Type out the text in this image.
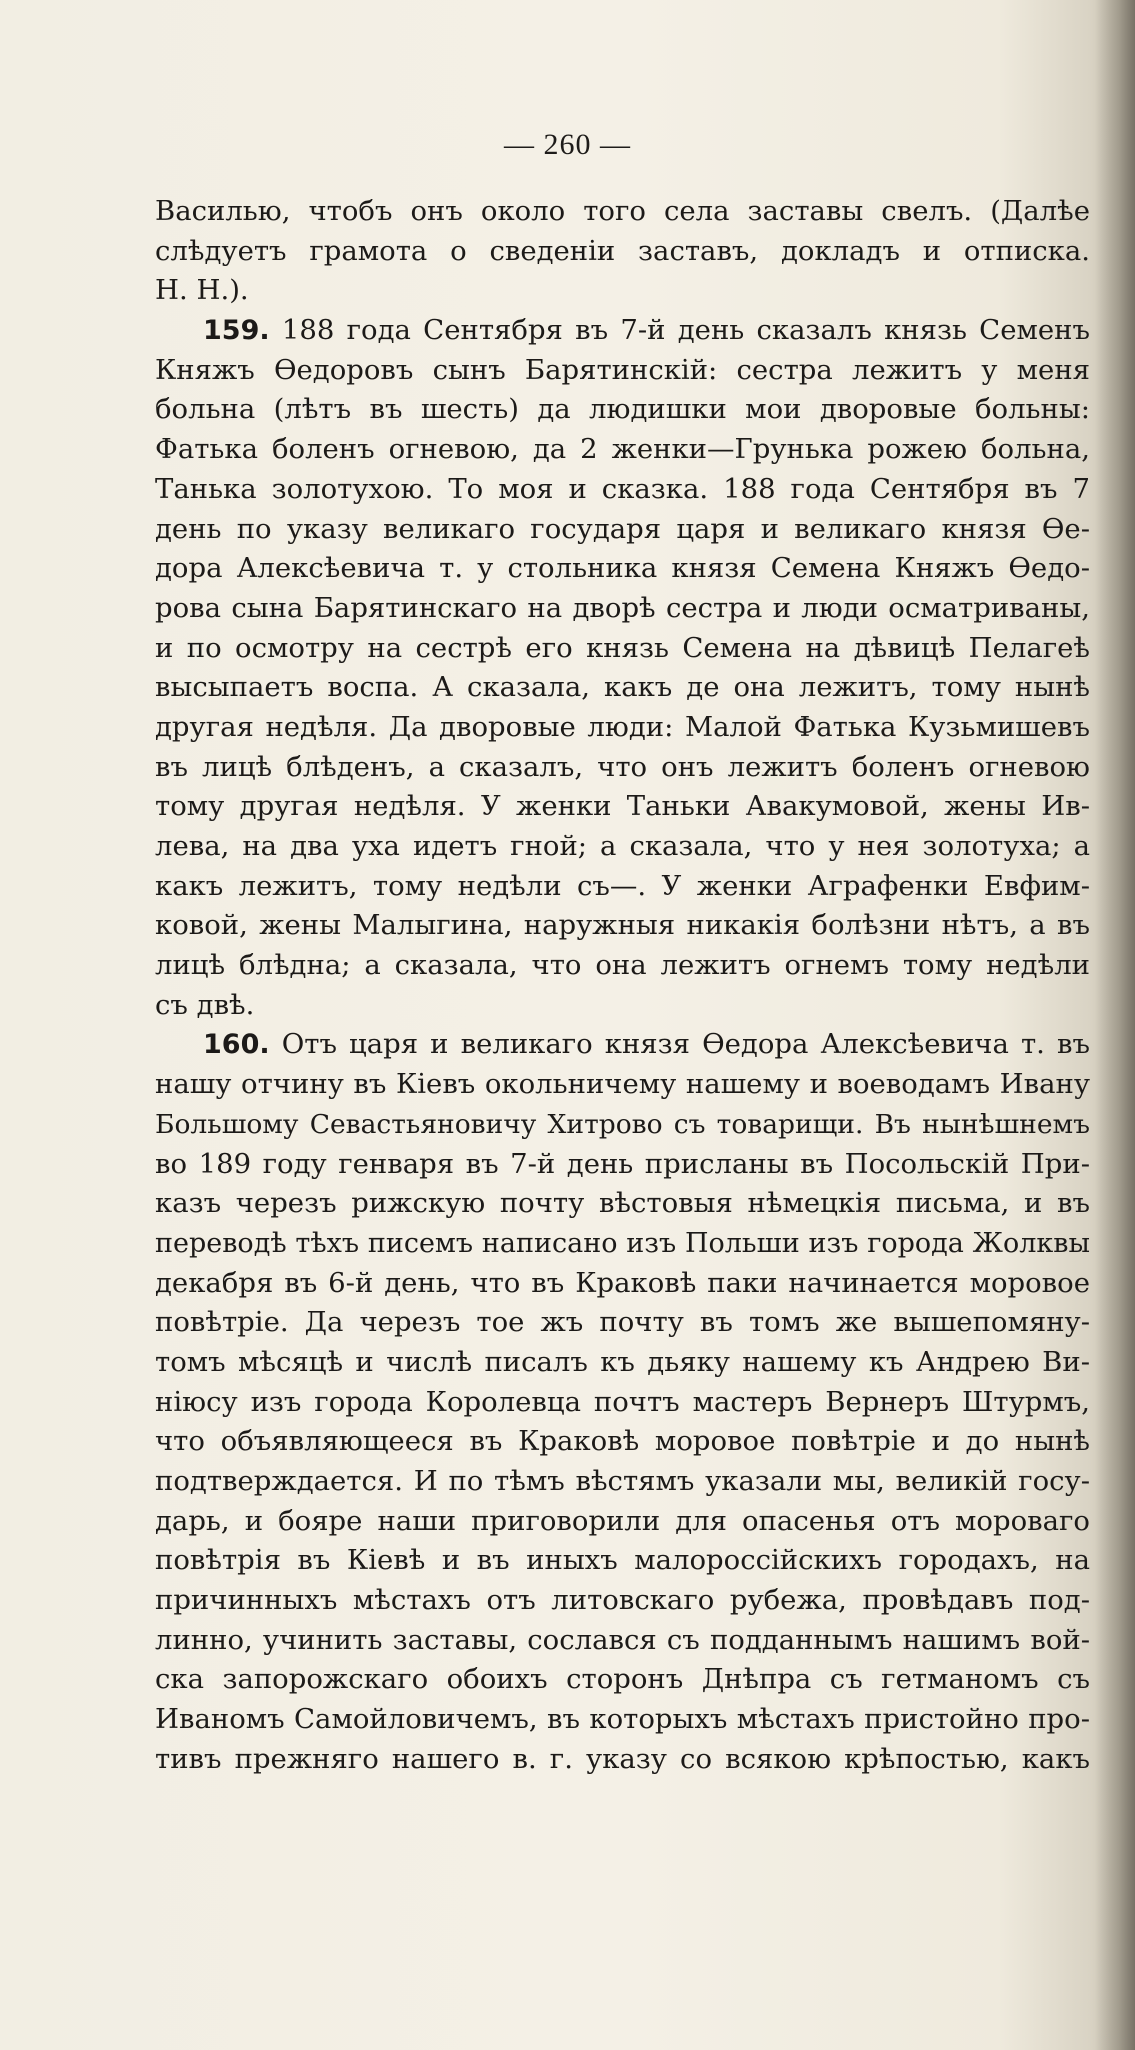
— 260 —
Василью, чтобъ онъ около того села заставы свелъ. (Далѣе
слѣдуетъ грамота о сведенiи заставъ, докладъ и отписка.
Н. Н.).
159. 188 года Сентября въ 7-й день сказалъ князь Семенъ
Княжъ Өедоровъ сынъ Барятинскiй: сестра лежитъ у меня
больна (лѣтъ въ шесть) да людишки мои дворовые больны:
Фатька боленъ огневою, да 2 женки—Грунька рожею больна,
Танька золотухою. То моя и сказка. 188 года Сентября въ 7
день по указу великаго государя царя и великаго князя Өе-
дора Алексѣевича т. у стольника князя Семена Княжъ Өедо-
рова сына Барятинскаго на дворѣ сестра и люди осматриваны,
и по осмотру на сестрѣ его князь Семена на дѣвицѣ Пелагеѣ
высыпаетъ воспа. А сказала, какъ де она лежитъ, тому нынѣ
другая недѣля. Да дворовые люди: Малой Фатька Кузьмишевъ
въ лицѣ блѣденъ, а сказалъ, что онъ лежитъ боленъ огневою
тому другая недѣля. У женки Таньки Авакумовой, жены Ив-
лева, на два уха идетъ гной; а сказала, что у нея золотуха; а
какъ лежитъ, тому недѣли съ—. У женки Аграфенки Евфим-
ковой, жены Малыгина, наружныя никакiя болѣзни нѣтъ, а въ
лицѣ блѣдна; а сказала, что она лежитъ огнемъ тому недѣли
съ двѣ.
160. Отъ царя и великаго князя Өедора Алексѣевича т. въ
нашу отчину въ Кiевъ окольничему нашему и воеводамъ Ивану
Большому Севастьяновичу Хитрово съ товарищи. Въ нынѣшнемъ
во 189 году генваря въ 7-й день присланы въ Посольскiй При-
казъ черезъ рижскую почту вѣстовыя нѣмецкiя письма, и въ
переводѣ тѣхъ писемъ написано изъ Польши изъ города Жолквы
декабря въ 6-й день, что въ Краковѣ паки начинается моровое
повѣтрiе. Да черезъ тое жъ почту въ томъ же вышепомяну-
томъ мѣсяцѣ и числѣ писалъ къ дьяку нашему къ Андрею Ви-
нiюсу изъ города Королевца почтъ мастеръ Вернеръ Штурмъ,
что объявляющееся въ Краковѣ моровое повѣтрiе и до нынѣ
подтверждается. И по тѣмъ вѣстямъ указали мы, великiй госу-
дарь, и бояре наши приговорили для опасенья отъ мороваго
повѣтрiя въ Кiевѣ и въ иныхъ малороссiйскихъ городахъ, на
причинныхъ мѣстахъ отъ литовскаго рубежа, провѣдавъ под-
линно, учинить заставы, сослався съ подданнымъ нашимъ вой-
ска запорожскаго обоихъ сторонъ Днѣпра съ гетманомъ съ
Иваномъ Самойловичемъ, въ которыхъ мѣстахъ пристойно про-
тивъ прежняго нашего в. г. указу со всякою крѣпостью, какъ
